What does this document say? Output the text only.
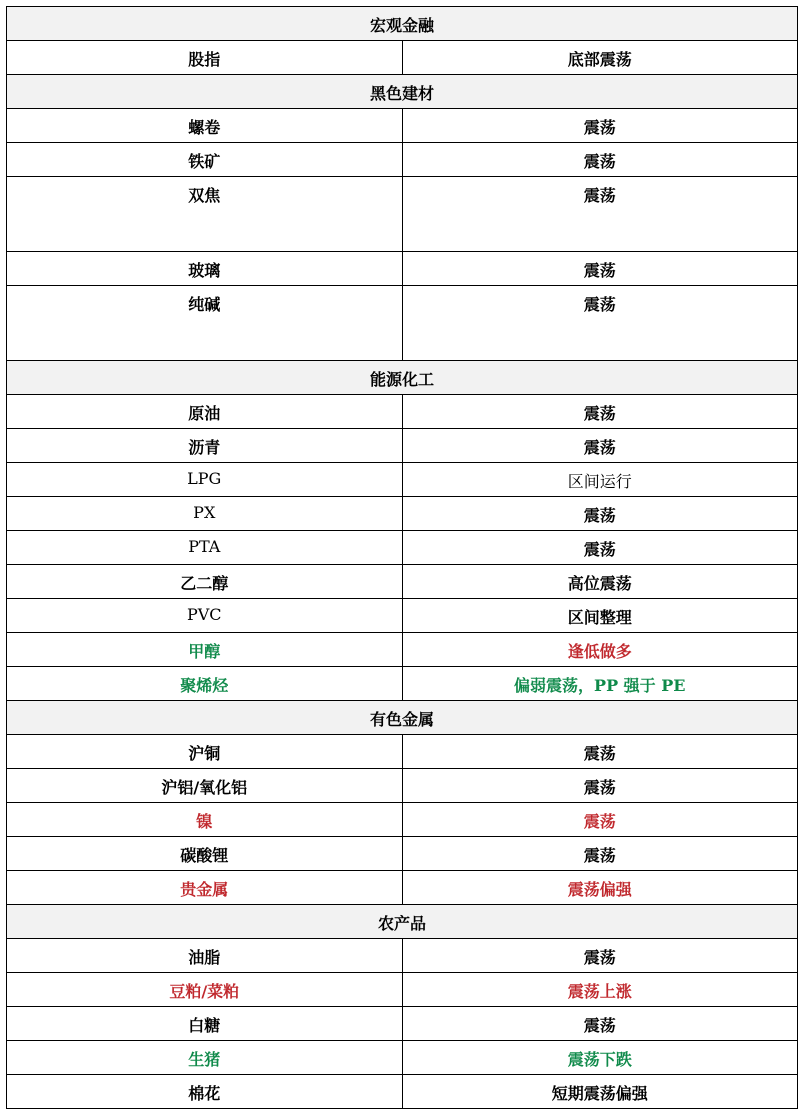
宏观金融	
股指	底部震荡
黑色建材	
螺卷	震荡
铁矿	震荡
双焦	震荡
玻璃	震荡
纯碱	震荡
能源化工	
原油	震荡
沥青	震荡
LPG	区间运行
PX	震荡
PTA	震荡
乙二醇	高位震荡
PVC	区间整理
甲醇	逢低做多
聚烯烃	偏弱震荡，PP 强于 PE
有色金属	
沪铜	震荡
沪铝/氧化铝	震荡
镍	震荡
碳酸锂	震荡
贵金属	震荡偏强
农产品	
油脂	震荡
豆粕/菜粕	震荡上涨
白糖	震荡
生猪	震荡下跌
棉花	短期震荡偏强
